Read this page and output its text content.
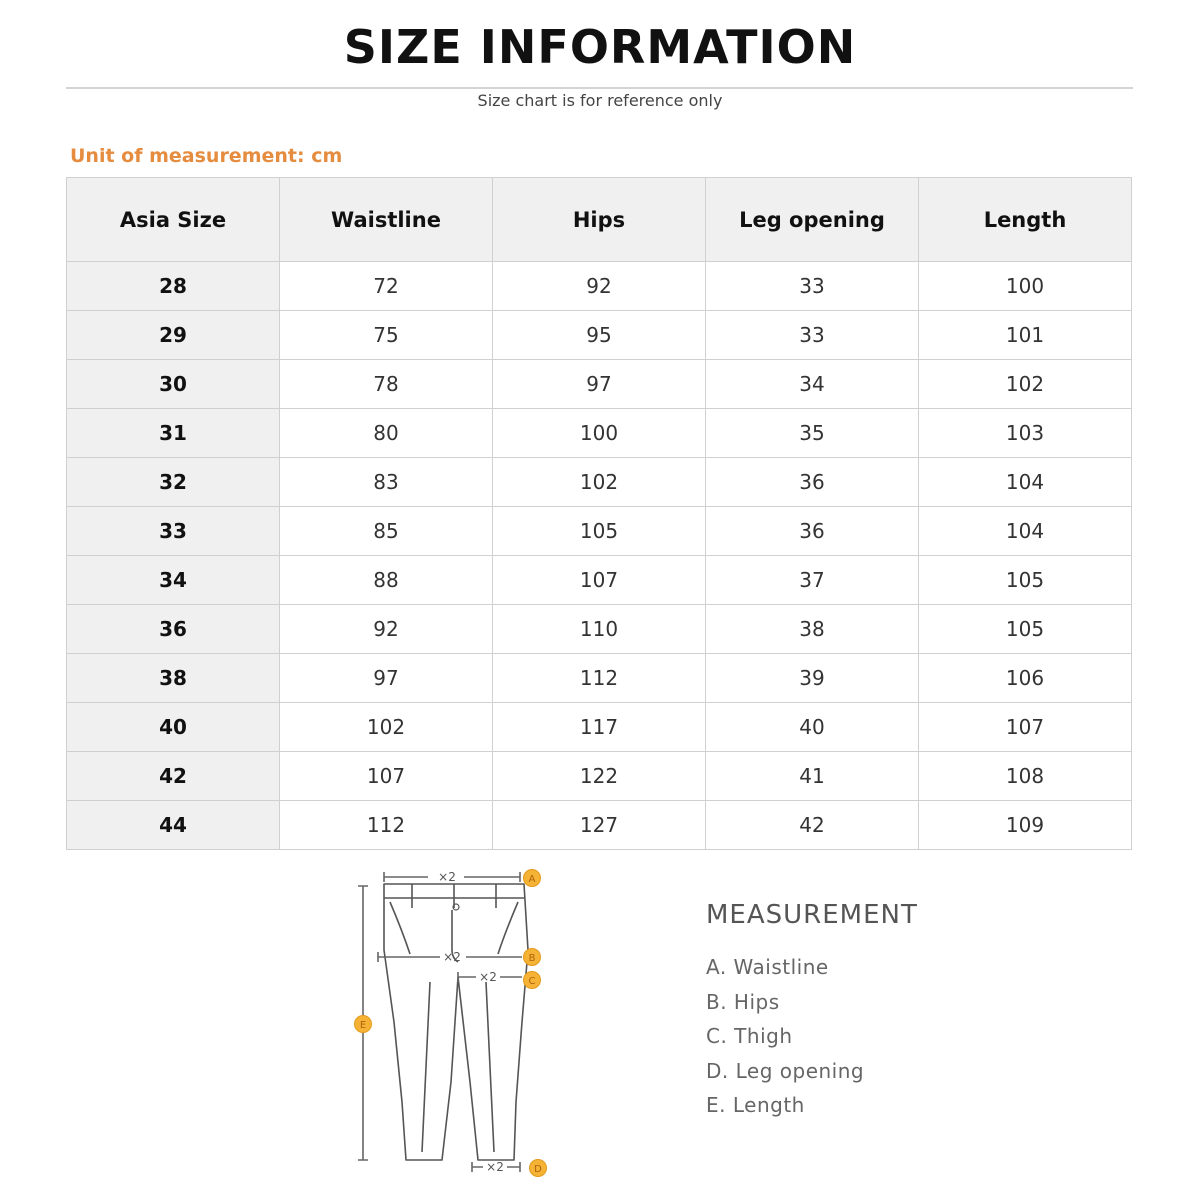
SIZE INFORMATION
Size chart is for reference only
Unit of measurement: cm
Asia Size	Waistline	Hips	Leg opening	Length
28	72	92	33	100
29	75	95	33	101
30	78	97	34	102
31	80	100	35	103
32	83	102	36	104
33	85	105	36	104
34	88	107	37	105
36	92	110	38	105
38	97	112	39	106
40	102	117	40	107
42	107	122	41	108
44	112	127	42	109
×2
×2
×2
×2
A
B
C
D
E
MEASUREMENT
A. Waistline
B. Hips
C. Thigh
D. Leg opening
E. Length
